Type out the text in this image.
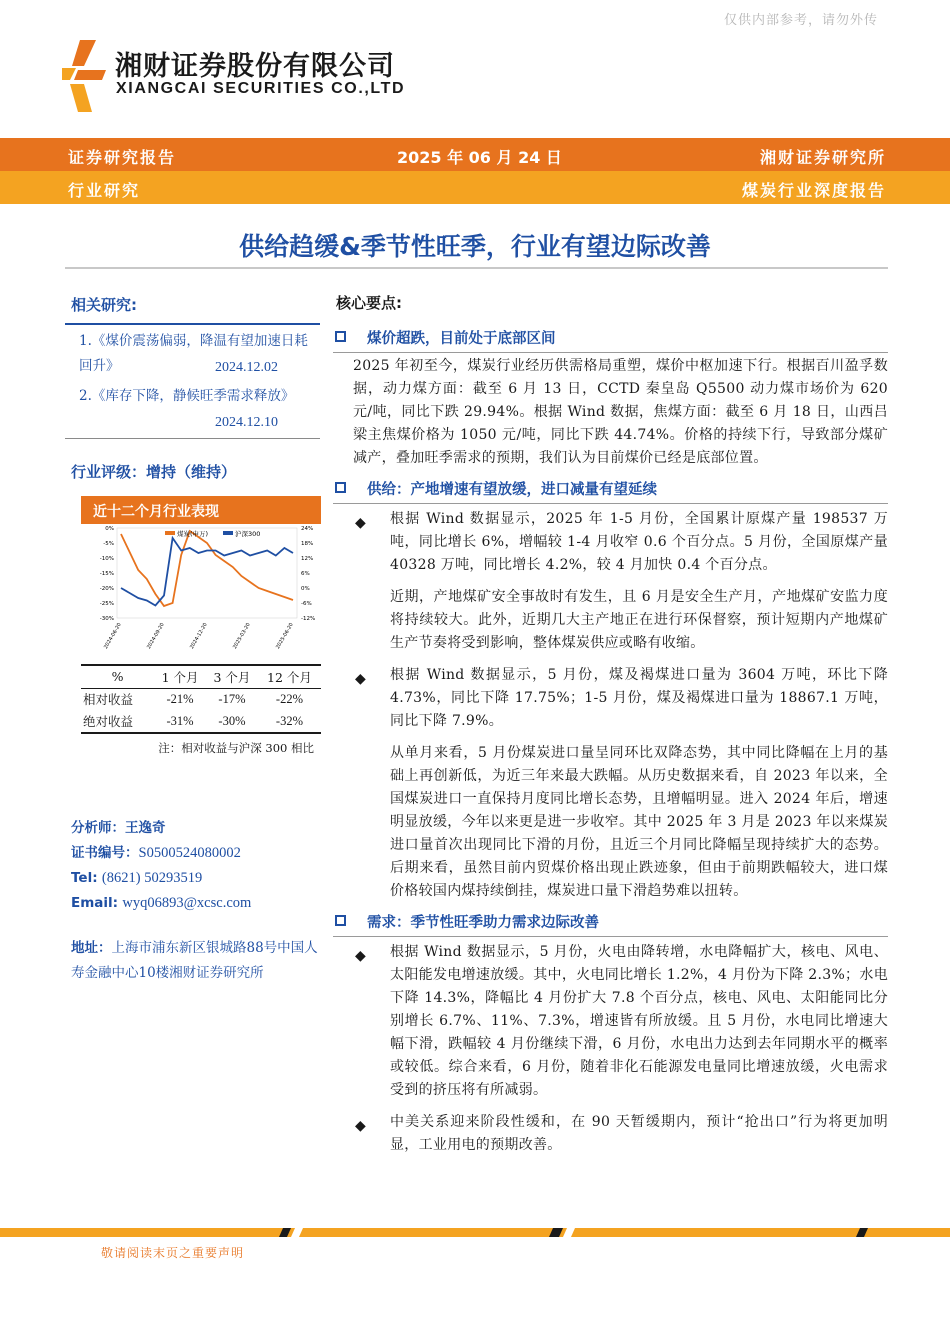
仅供内部参考，请勿外传
湘财证券股份有限公司
XIANGCAI SECURITIES CO.,LTD
证券研究报告	2025 年 06 月 24 日	湘财证券研究所
行业研究	煤炭行业深度报告
供给趋缓&季节性旺季，行业有望边际改善
相关研究:
1.《煤价震荡偏弱，降温有望加速日耗回升》	2024.12.02
2.《库存下降，静候旺季需求释放》
2024.12.10
行业评级：增持（维持）
近十二个月行业表现
0%
-5%
-10%
-15%
-20%
-25%
-30%
24%
18%
12%
6%
0%
-6%
-12%
2024-06-20	2024-09-20	2024-12-20	2025-03-20	2025-06-20
煤炭(申万)	沪深300
%	1 个月	3 个月	12 个月
相对收益	-21%	-17%	-22%
绝对收益	-31%	-30%	-32%
注：相对收益与沪深 300 相比
分析师：王逸奇
证书编号：S0500524080002
Tel: (8621) 50293519
Email: wyq06893@xcsc.com
地址：上海市浦东新区银城路88号中国人寿金融中心10楼湘财证券研究所
核心要点:
煤价超跌，目前处于底部区间
2025 年初至今，煤炭行业经历供需格局重塑，煤价中枢加速下行。根据百川盈孚数据，动力煤方面：截至 6 月 13 日，CCTD 秦皇岛 Q5500 动力煤市场价为 620 元/吨，同比下跌 29.94%。根据 Wind 数据，焦煤方面：截至 6 月 18 日，山西吕梁主焦煤价格为 1050 元/吨，同比下跌 44.74%。价格的持续下行，导致部分煤矿减产，叠加旺季需求的预期，我们认为目前煤价已经是底部位置。
供给：产地增速有望放缓，进口减量有望延续
◆ 根据 Wind 数据显示，2025 年 1-5 月份，全国累计原煤产量 198537 万吨，同比增长 6%，增幅较 1-4 月收窄 0.6 个百分点。5 月份，全国原煤产量 40328 万吨，同比增长 4.2%，较 4 月加快 0.4 个百分点。
近期，产地煤矿安全事故时有发生，且 6 月是安全生产月，产地煤矿安监力度将持续较大。此外，近期几大主产地正在进行环保督察，预计短期内产地煤矿生产节奏将受到影响，整体煤炭供应或略有收缩。
◆ 根据 Wind 数据显示，5 月份，煤及褐煤进口量为 3604 万吨，环比下降 4.73%，同比下降 17.75%；1-5 月份，煤及褐煤进口量为 18867.1 万吨，同比下降 7.9%。
从单月来看，5 月份煤炭进口量呈同环比双降态势，其中同比降幅在上月的基础上再创新低，为近三年来最大跌幅。从历史数据来看，自 2023 年以来，全国煤炭进口一直保持月度同比增长态势，且增幅明显。进入 2024 年后，增速明显放缓，今年以来更是进一步收窄。其中 2025 年 3 月是 2023 年以来煤炭进口量首次出现同比下滑的月份，且近三个月同比降幅呈现持续扩大的态势。后期来看，虽然目前内贸煤价格出现止跌迹象，但由于前期跌幅较大，进口煤价格较国内煤持续倒挂，煤炭进口量下滑趋势难以扭转。
需求：季节性旺季助力需求边际改善
◆ 根据 Wind 数据显示，5 月份，火电由降转增，水电降幅扩大，核电、风电、太阳能发电增速放缓。其中，火电同比增长 1.2%，4 月份为下降 2.3%；水电下降 14.3%，降幅比 4 月份扩大 7.8 个百分点，核电、风电、太阳能同比分别增长 6.7%、11%、7.3%，增速皆有所放缓。且 5 月份，水电同比增速大幅下滑，跌幅较 4 月份继续下滑，6 月份，水电出力达到去年同期水平的概率或较低。综合来看，6 月份，随着非化石能源发电量同比增速放缓，火电需求受到的挤压将有所减弱。
◆ 中美关系迎来阶段性缓和，在 90 天暂缓期内，预计“抢出口”行为将更加明显，工业用电的预期改善。
敬请阅读末页之重要声明
